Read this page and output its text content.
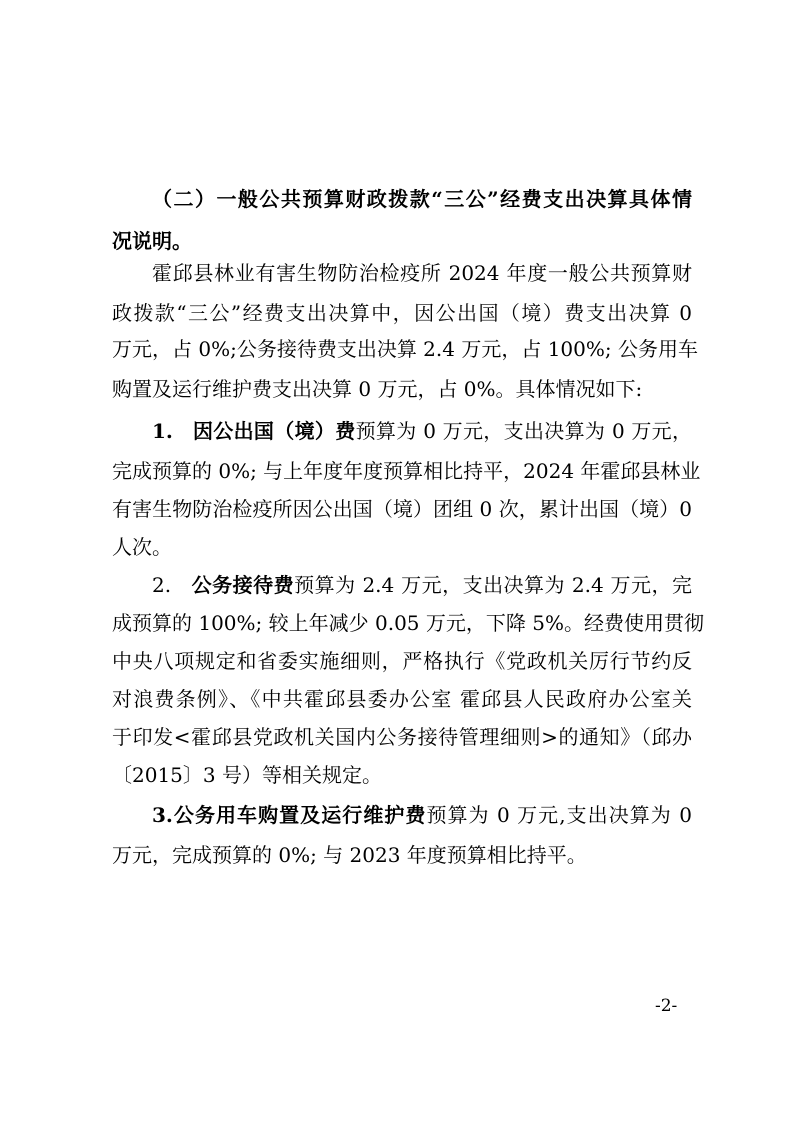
（二）一般公共预算财政拨款“三公”经费支出决算具体情
况说明。
霍邱县林业有害生物防治检疫所 2024 年度一般公共预算财
政拨款“三公”经费支出决算中，因公出国（境）费支出决算 0
万元，占 0%;公务接待费支出决算 2.4 万元，占 100%; 公务用车
购置及运行维护费支出决算 0 万元，占 0%。具体情况如下:
1. 因公出国（境）费预算为 0 万元，支出决算为 0 万元，
完成预算的 0%; 与上年度年度预算相比持平，2024 年霍邱县林业
有害生物防治检疫所因公出国（境）团组 0 次，累计出国（境）0
人次。
2. 公务接待费预算为 2.4 万元，支出决算为 2.4 万元，完
成预算的 100%; 较上年减少 0.05 万元，下降 5%。经费使用贯彻
中央八项规定和省委实施细则，严格执行《党政机关厉行节约反
对浪费条例》、《中共霍邱县委办公室 霍邱县人民政府办公室关
于印发<霍邱县党政机关国内公务接待管理细则>的通知》（邱办
〔2015〕3 号）等相关规定。
3.公务用车购置及运行维护费预算为 0 万元,支出决算为 0
万元，完成预算的 0%; 与 2023 年度预算相比持平。
-2-
